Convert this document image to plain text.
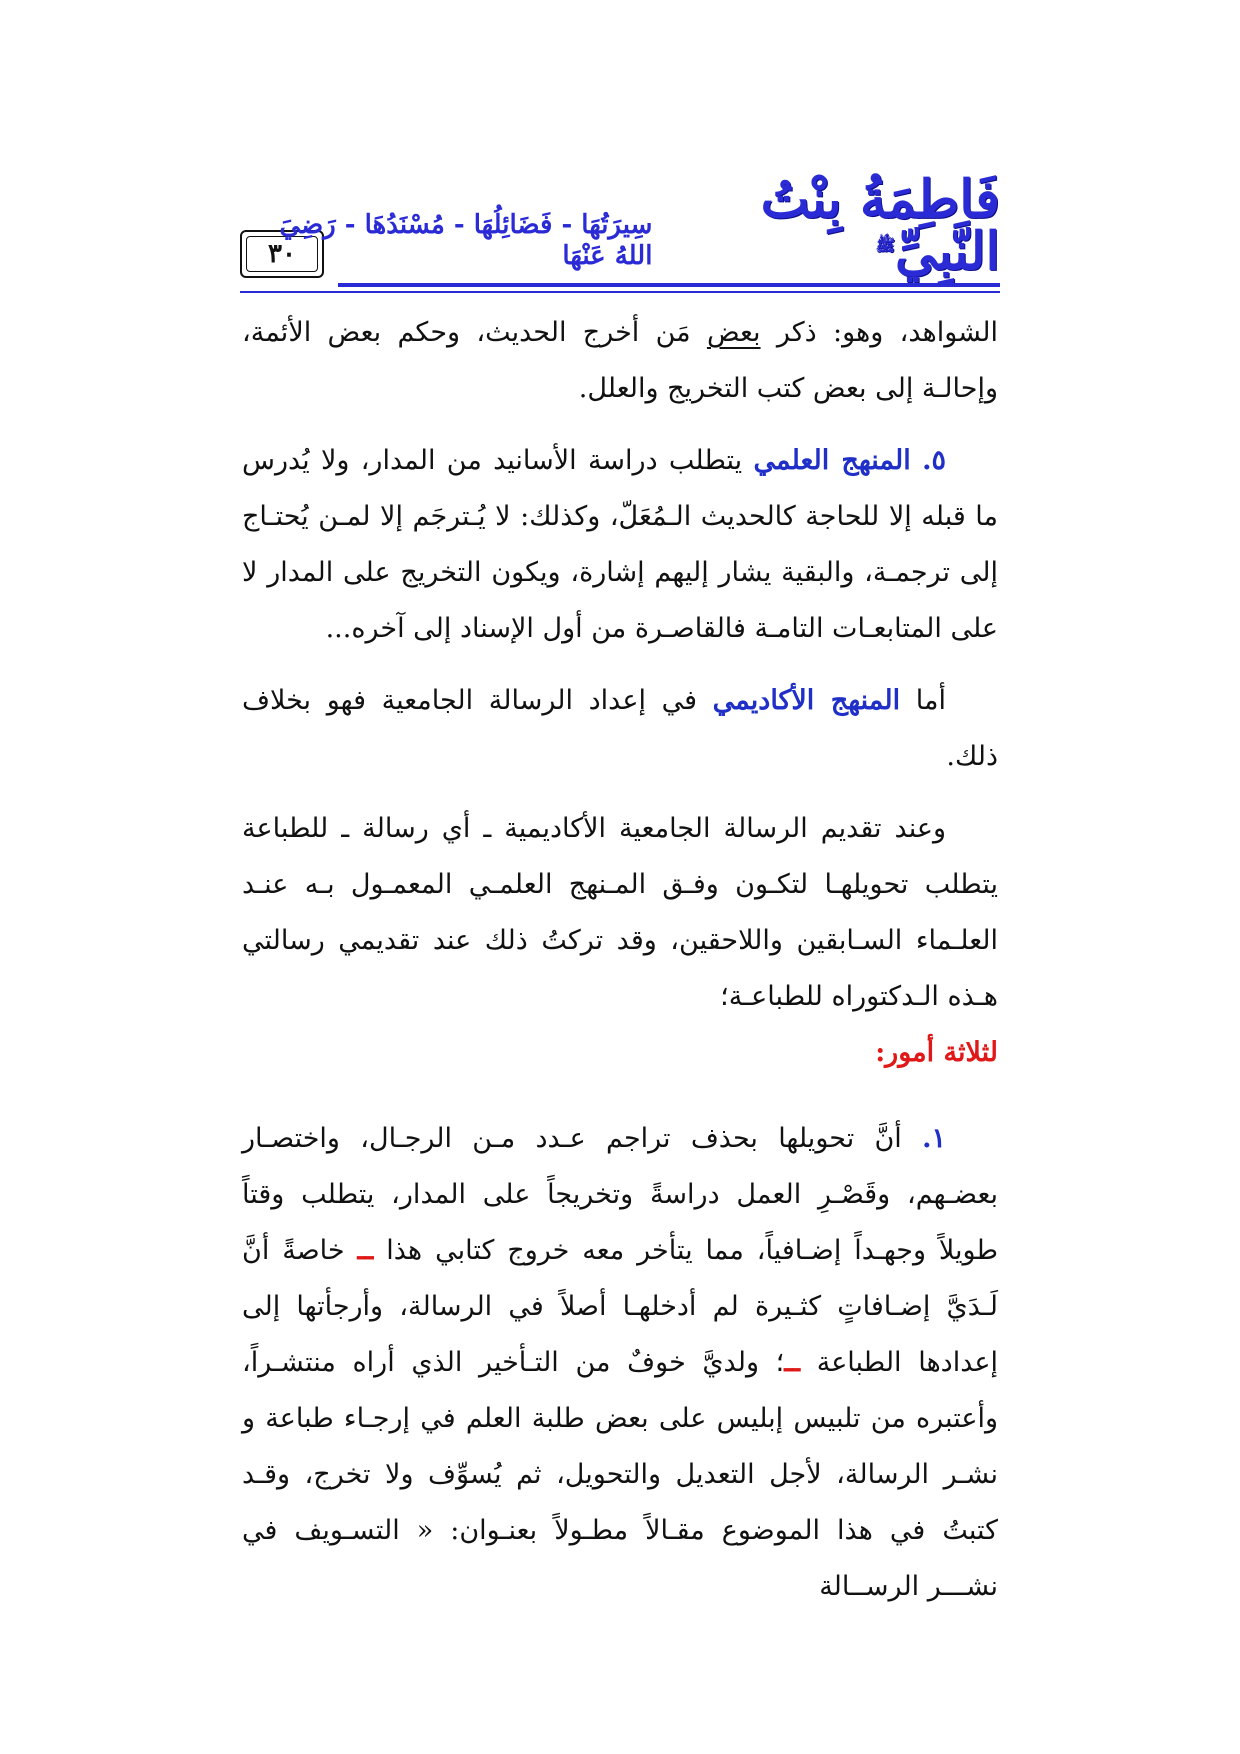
٣٠
فَاطِمَةُ بِنْتُ النَّبِيِّ$^ﷺ$
سِيرَتُهَا - فَضَائِلُهَا - مُسْنَدُهَا - رَضِيَ اللهُ عَنْهَا

الشواهد، وهو: ذكر بعض مَن أخرج الحديث، وحكم بعض الأئمة، وإحالـة إلى بعض كتب التخريج والعلل.

٥. المنهج العلمي يتطلب دراسة الأسانيد من المدار، ولا يُدرس ما قبله إلا للحاجة كالحديث الـمُعَلّ، وكذلك: لا يُـترجَم إلا لمـن يُحتـاج إلى ترجمـة، والبقية يشار إليهم إشارة، ويكون التخريج على المدار لا على المتابعـات التامـة فالقاصـرة من أول الإسناد إلى آخره...

أما المنهج الأكاديمي في إعداد الرسالة الجامعية فهو بخلاف ذلك.

وعند تقديم الرسالة الجامعية الأكاديمية ـ أي رسالة ـ للطباعة يتطلب تحويلهـا لتكـون وفـق المـنهج العلمـي المعمـول بـه عنـد العلـماء السـابقين واللاحقين، وقد تركتُ ذلك عند تقديمي رسالتي هـذه الـدكتوراه للطباعـة؛
لثلاثة أمور:

١. أنَّ تحويلها بحذف تراجم عـدد مـن الرجـال، واختصـار بعضـهم، وقَصْـرِ العمل دراسةً وتخريجاً على المدار، يتطلب وقتاً طويلاً وجهـداً إضـافياً، مما يتأخر معه خروج كتابي هذا ــ خاصةً أنَّ لَـدَيَّ إضـافاتٍ كثـيرة لم أدخلهـا أصلاً في الرسالة، وأرجأتها إلى إعدادها الطباعة ــ؛ ولديَّ خوفٌ من التـأخير الذي أراه منتشـراً، وأعتبره من تلبيس إبليس على بعض طلبة العلم في إرجـاء طباعة و نشـر الرسالة، لأجل التعديل والتحويل، ثم يُسوِّف ولا تخرج، وقـد كتبتُ في هذا الموضوع مقـالاً مطـولاً بعنـوان: « التسـويف في نشـــر الرســالة
